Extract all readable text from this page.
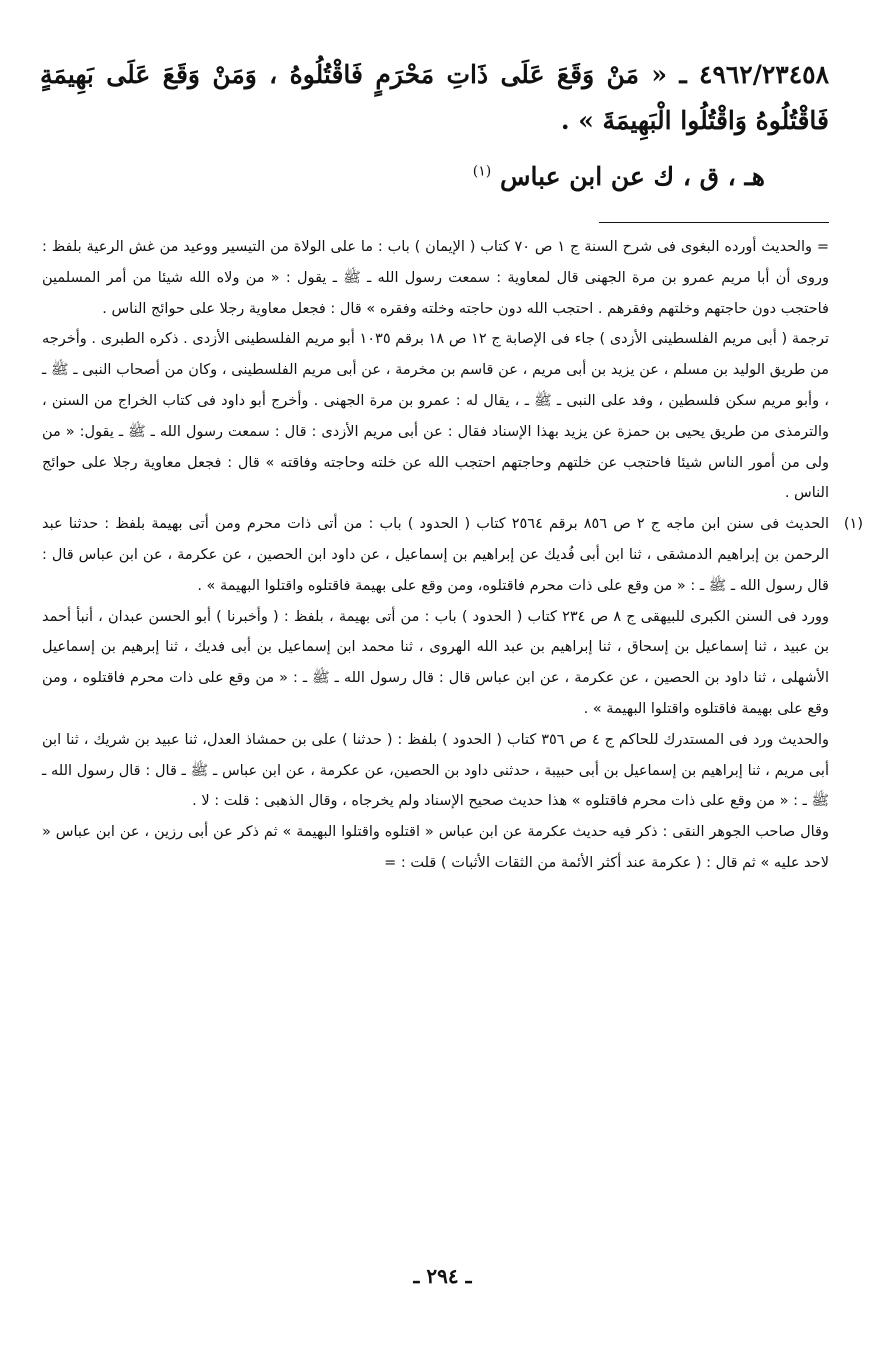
٤٩٦٢/٢٣٤٥٨ ـ « مَنْ وَقَعَ عَلَى ذَاتِ مَحْرَمٍ فَاقْتُلُوهُ ، وَمَنْ وَقَعَ عَلَى بَهِيمَةٍ فَاقْتُلُوهُ وَاقْتُلُوا الْبَهِيمَةَ » .
هـ ، ق ، ك عن ابن عباس $^{(١)}$

= والحديث أورده البغوى فى شرح السنة ج ١ ص ٧٠ كتاب ( الإيمان ) باب : ما على الولاة من التيسير ووعيد من غش الرعية بلفظ : وروى أن أبا مريم عمرو بن مرة الجهنى قال لمعاوية : سمعت رسول الله ـ ﷺ ـ يقول : « من ولاه الله شيئا من أمر المسلمين فاحتجب دون حاجتهم وخلتهم وفقرهم . احتجب الله دون حاجته وخلته وفقره » قال : فجعل معاوية رجلا على حوائج الناس .

ترجمة ( أبى مريم الفلسطينى الأزدى ) جاء فى الإصابة ج ١٢ ص ١٨ برقم ١٠٣٥ أبو مريم الفلسطينى الأزدى . ذكره الطبرى . وأخرجه من طريق الوليد بن مسلم ، عن يزيد بن أبى مريم ، عن قاسم بن مخرمة ، عن أبى مريم الفلسطينى ، وكان من أصحاب النبى ـ ﷺ ـ ، وأبو مريم سكن فلسطين ، وفد على النبى ـ ﷺ ـ ، يقال له : عمرو بن مرة الجهنى . وأخرج أبو داود فى كتاب الخراج من السنن ، والترمذى من طريق يحيى بن حمزة عن يزيد بهذا الإسناد فقال : عن أبى مريم الأزدى : قال : سمعت رسول الله ـ ﷺ ـ يقول: « من ولى من أمور الناس شيئا فاحتجب عن خلتهم وحاجتهم احتجب الله عن خلته وحاجته وفاقته » قال : فجعل معاوية رجلا على حوائج الناس .

(١)
الحديث فى سنن ابن ماجه ج ٢ ص ٨٥٦ برقم ٢٥٦٤ كتاب ( الحدود ) باب : من أتى ذات محرم ومن أتى بهيمة بلفظ : حدثنا عبد الرحمن بن إبراهيم الدمشقى ، ثنا ابن أبى فُديك عن إبراهيم بن إسماعيل ، عن داود ابن الحصين ، عن عكرمة ، عن ابن عباس قال : قال رسول الله ـ ﷺ ـ : « من وقع على ذات محرم فاقتلوه، ومن وقع على بهيمة فاقتلوه واقتلوا البهيمة » .

وورد فى السنن الكبرى للبيهقى ج ٨ ص ٢٣٤ كتاب ( الحدود ) باب : من أتى بهيمة ، بلفظ : ( وأخبرنا ) أبو الحسن عبدان ، أنبأ أحمد بن عبيد ، ثنا إسماعيل بن إسحاق ، ثنا إبراهيم بن عبد الله الهروى ، ثنا محمد ابن إسماعيل بن أبى فديك ، ثنا إبرهيم بن إسماعيل الأشهلى ، ثنا داود بن الحصين ، عن عكرمة ، عن ابن عباس قال : قال رسول الله ـ ﷺ ـ : « من وقع على ذات محرم فاقتلوه ، ومن وقع على بهيمة فاقتلوه واقتلوا البهيمة » .

والحديث ورد فى المستدرك للحاكم ج ٤ ص ٣٥٦ كتاب ( الحدود ) بلفظ : ( حدثنا ) على بن حمشاذ العدل، ثنا عبيد بن شريك ، ثنا ابن أبى مريم ، ثنا إبراهيم بن إسماعيل بن أبى حبيبة ، حدثنى داود بن الحصين، عن عكرمة ، عن ابن عباس ـ ﷺ ـ قال : قال رسول الله ـ ﷺ ـ : « من وقع على ذات محرم فاقتلوه » هذا حديث صحيح الإسناد ولم يخرجاه ، وقال الذهبى : قلت : لا .

وقال صاحب الجوهر النقى : ذكر فيه حديث عكرمة عن ابن عباس « اقتلوه واقتلوا البهيمة » ثم ذكر عن أبى رزين ، عن ابن عباس « لاحد عليه » ثم قال : ( عكرمة عند أكثر الأئمة من الثقات الأثبات ) قلت : =

ـ ٢٩٤ ـ
